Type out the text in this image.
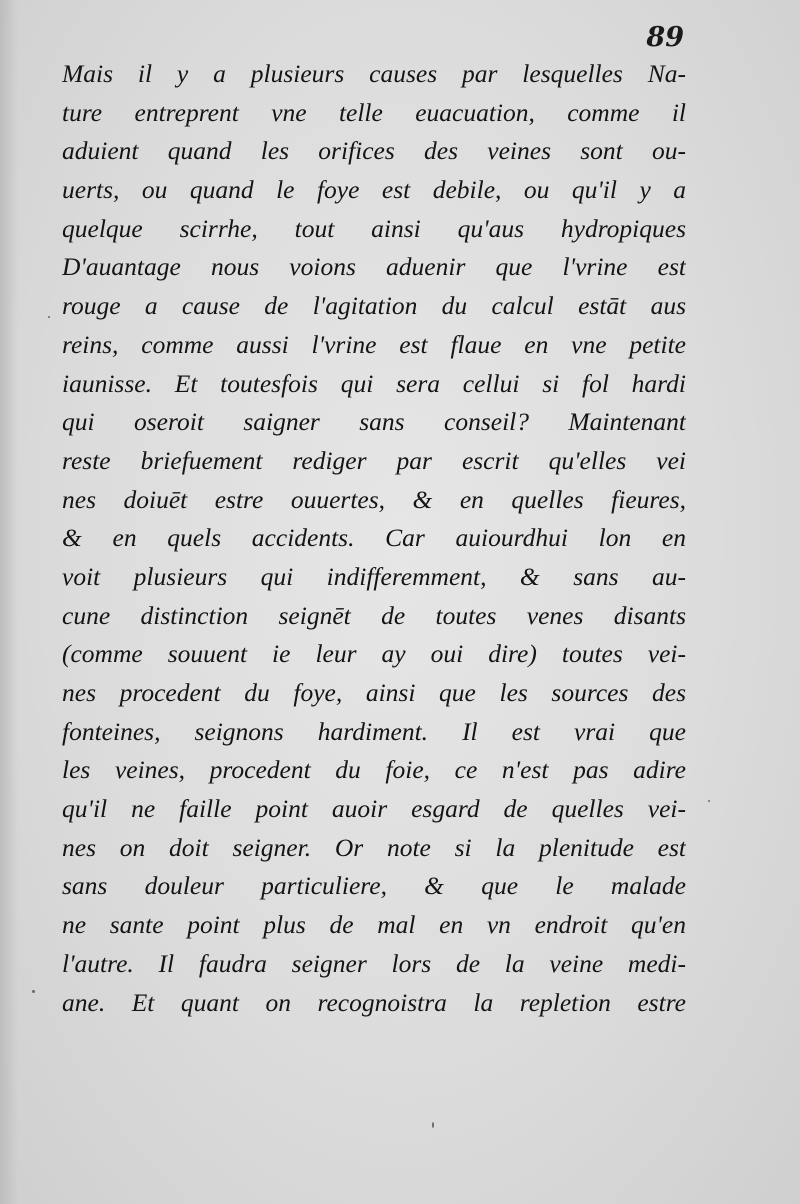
89
Mais il y a plusieurs causes par lesquelles Na-
ture entreprent vne telle euacuation, comme il
aduient quand les orifices des veines sont ou-
uerts, ou quand le foye est debile, ou qu'il y a
quelque scirrhe, tout ainsi qu'aus hydropiques
D'auantage nous voions aduenir que l'vrine est
rouge a cause de l'agitation du calcul estāt aus
reins, comme aussi l'vrine est flaue en vne petite
iaunisse. Et toutesfois qui sera cellui si fol hardi
qui oseroit saigner sans conseil? Maintenant
reste briefuement rediger par escrit qu'elles vei
nes doiuēt estre ouuertes, & en quelles fieures,
& en quels accidents. Car auiourdhui lon en
voit plusieurs qui indifferemment, & sans au-
cune distinction seignēt de toutes venes disants
(comme souuent ie leur ay oui dire) toutes vei-
nes procedent du foye, ainsi que les sources des
fonteines, seignons hardiment. Il est vrai que
les veines, procedent du foie, ce n'est pas adire
qu'il ne faille point auoir esgard de quelles vei-
nes on doit seigner. Or note si la plenitude est
sans douleur particuliere, & que le malade
ne sante point plus de mal en vn endroit qu'en
l'autre. Il faudra seigner lors de la veine medi-
ane. Et quant on recognoistra la repletion estre
